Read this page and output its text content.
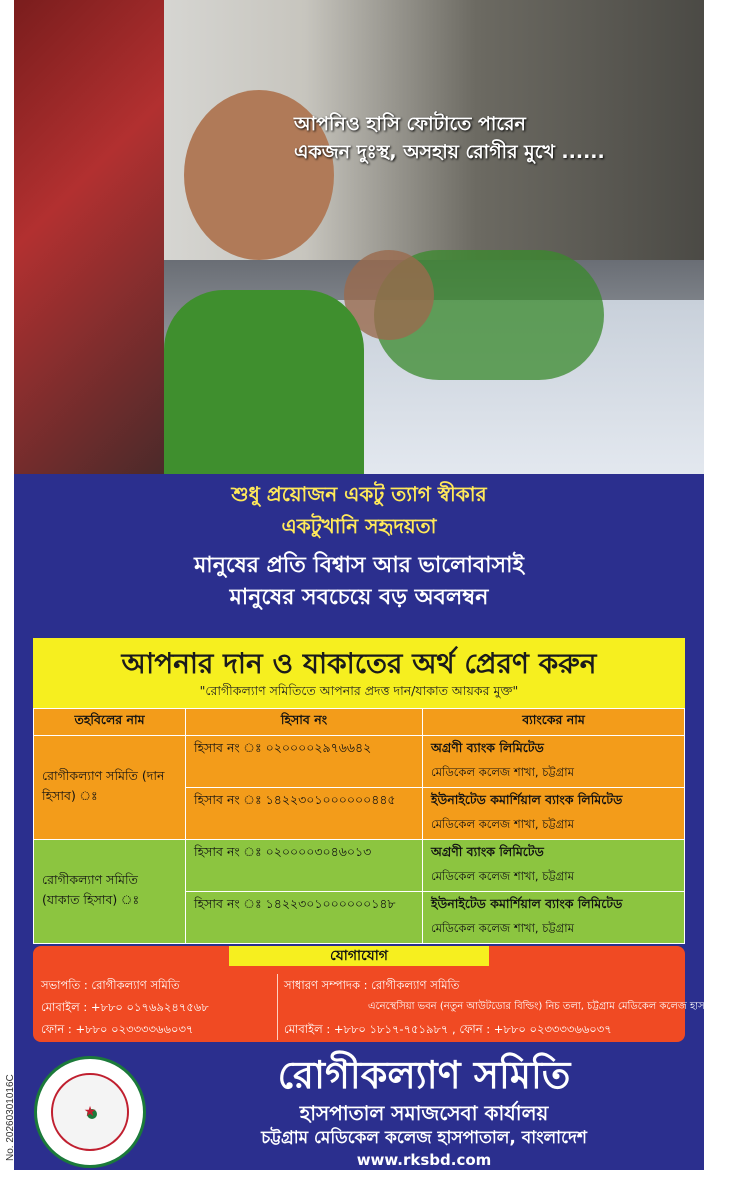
আপনিও হাসি ফোটাতে পারেন
একজন দুঃস্থ, অসহায় রোগীর মুখে ......
শুধু প্রয়োজন একটু ত্যাগ স্বীকার
একটুখানি সহৃদয়তা
মানুষের প্রতি বিশ্বাস আর ভালোবাসাই
মানুষের সবচেয়ে বড় অবলম্বন
আপনার দান ও যাকাতের অর্থ প্রেরণ করুন
"রোগীকল্যাণ সমিতিতে আপনার প্রদত্ত দান/যাকাত আয়কর মুক্ত"
তহবিলের নাম	হিসাব নং	ব্যাংকের নাম
রোগীকল্যাণ সমিতি (দান হিসাব) ঃ	হিসাব নং ঃ ০২০০০০২৯৭৬৬৪২	অগ্রণী ব্যাংক লিমিটেড
মেডিকেল কলেজ শাখা, চট্টগ্রাম

	হিসাব নং ঃ ১৪২২৩০১০০০০০০৪৪৫	ইউনাইটেড কমার্শিয়াল ব্যাংক লিমিটেড
মেডিকেল কলেজ শাখা, চট্টগ্রাম

রোগীকল্যাণ সমিতি (যাকাত হিসাব) ঃ	হিসাব নং ঃ ০২০০০০৩০৪৬০১৩	অগ্রণী ব্যাংক লিমিটেড
মেডিকেল কলেজ শাখা, চট্টগ্রাম

	হিসাব নং ঃ ১৪২২৩০১০০০০০০১৪৮	ইউনাইটেড কমার্শিয়াল ব্যাংক লিমিটেড
মেডিকেল কলেজ শাখা, চট্টগ্রাম
যোগাযোগ
সভাপতি : রোগীকল্যাণ সমিতি
মোবাইল : +৮৮০ ০১৭৬৯২৪৭৫৬৮
ফোন : +৮৮০ ০২৩৩৩৩৬৬০৩৭
সাধারণ সম্পাদক : রোগীকল্যাণ সমিতি
এনেস্থেসিয়া ভবন (নতুন আউটডোর বিল্ডিং) নিচ তলা, চট্টগ্রাম মেডিকেল কলেজ হাসপাতাল
মোবাইল : +৮৮০ ১৮১৭-৭৫১৯৮৭ , ফোন : +৮৮০ ০২৩৩৩৩৬৬০৩৭
★
রোগীকল্যাণ সমিতি
হাসপাতাল সমাজসেবা কার্যালয়
চট্টগ্রাম মেডিকেল কলেজ হাসপাতাল, বাংলাদেশ
www.rksbd.com
No. 20260301016C
